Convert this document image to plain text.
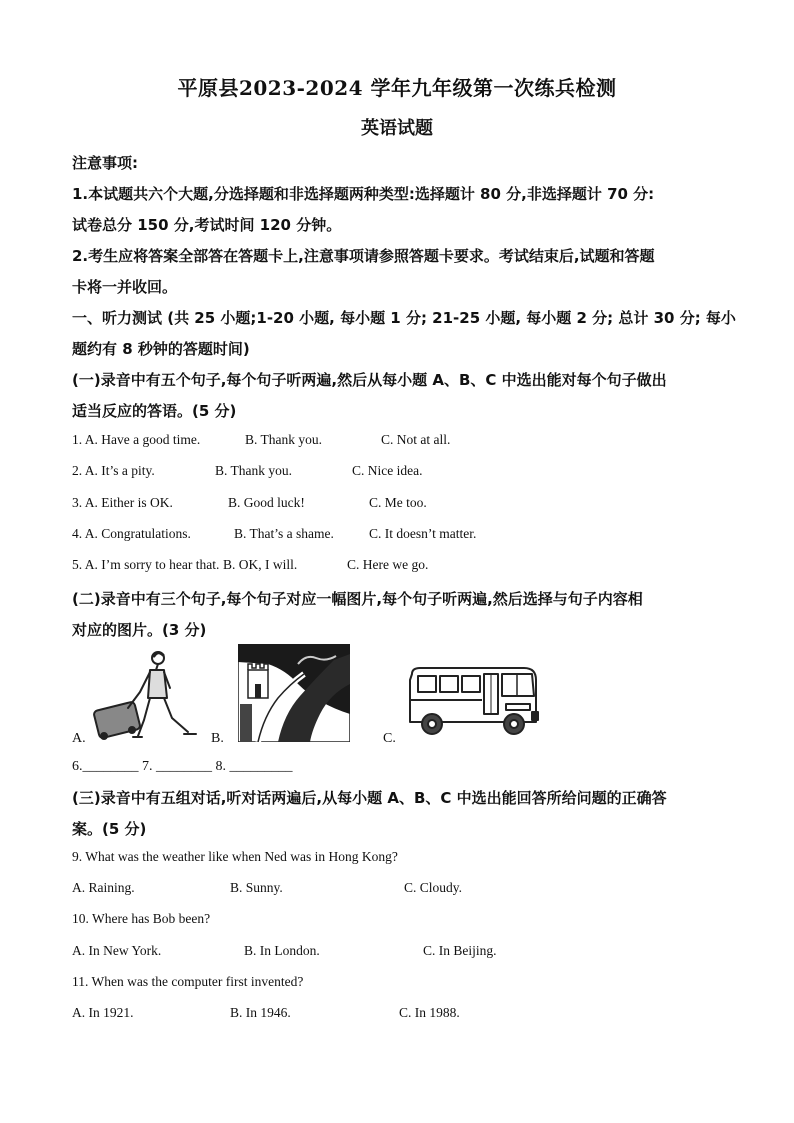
平原县2023-2024 学年九年级第一次练兵检测
英语试题
注意事项:
1.本试题共六个大题,分选择题和非选择题两种类型:选择题计 80 分,非选择题计 70 分:
试卷总分 150 分,考试时间 120 分钟。
2.考生应将答案全部答在答题卡上,注意事项请参照答题卡要求。考试结束后,试题和答题
卡将一并收回。
一、听力测试 (共 25 小题;1-20 小题, 每小题 1 分; 21-25 小题, 每小题 2 分; 总计 30 分; 每小
题约有 8 秒钟的答题时间)
(一)录音中有五个句子,每个句子听两遍,然后从每小题 A、B、C 中选出能对每个句子做出
适当反应的答语。(5 分)
1. A. Have a good time.	B. Thank you.	C. Not at all.
2. A. It’s a pity.	B. Thank you.	C. Nice idea.
3. A. Either is OK.	B. Good luck!	C. Me too.
4. A. Congratulations.	B. That’s a shame.	C. It doesn’t matter.
5. A. I’m sorry to hear that. B. OK, I will.	C. Here we go.
(二)录音中有三个句子,每个句子对应一幅图片,每个句子听两遍,然后选择与句子内容相
对应的图片。(3 分)
A.	B.	C.
6.________ 7. ________ 8. _________
(三)录音中有五组对话,听对话两遍后,从每小题 A、B、C 中选出能回答所给问题的正确答
案。(5 分)
9. What was the weather like when Ned was in Hong Kong?
A. Raining.	B. Sunny.	C. Cloudy.
10. Where has Bob been?
A. In New York.	B. In London.	C. In Beijing.
11. When was the computer first invented?
A. In 1921.	B. In 1946.	C. In 1988.
